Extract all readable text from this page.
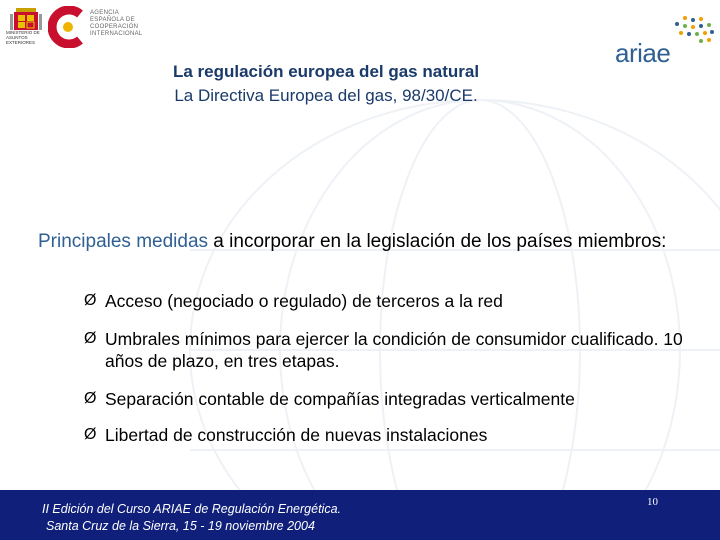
MINISTERIO DE ASUNTOS EXTERIORES
AGENCIA
ESPAÑOLA DE
COOPERACIÓN
INTERNACIONAL
ariae
La regulación europea del gas natural
La Directiva Europea del gas, 98/30/CE.
Principales medidas a incorporar en la legislación de los países miembros:
Ø Acceso (negociado o regulado) de terceros a la red
Ø Umbrales mínimos para ejercer la condición de consumidor cualificado. 10 años de plazo, en tres etapas.
Ø Separación contable de compañías integradas verticalmente
Ø Libertad de construcción de nuevas instalaciones
II Edición del Curso ARIAE de Regulación Energética.
Santa Cruz de la Sierra, 15 - 19 noviembre 2004
10
